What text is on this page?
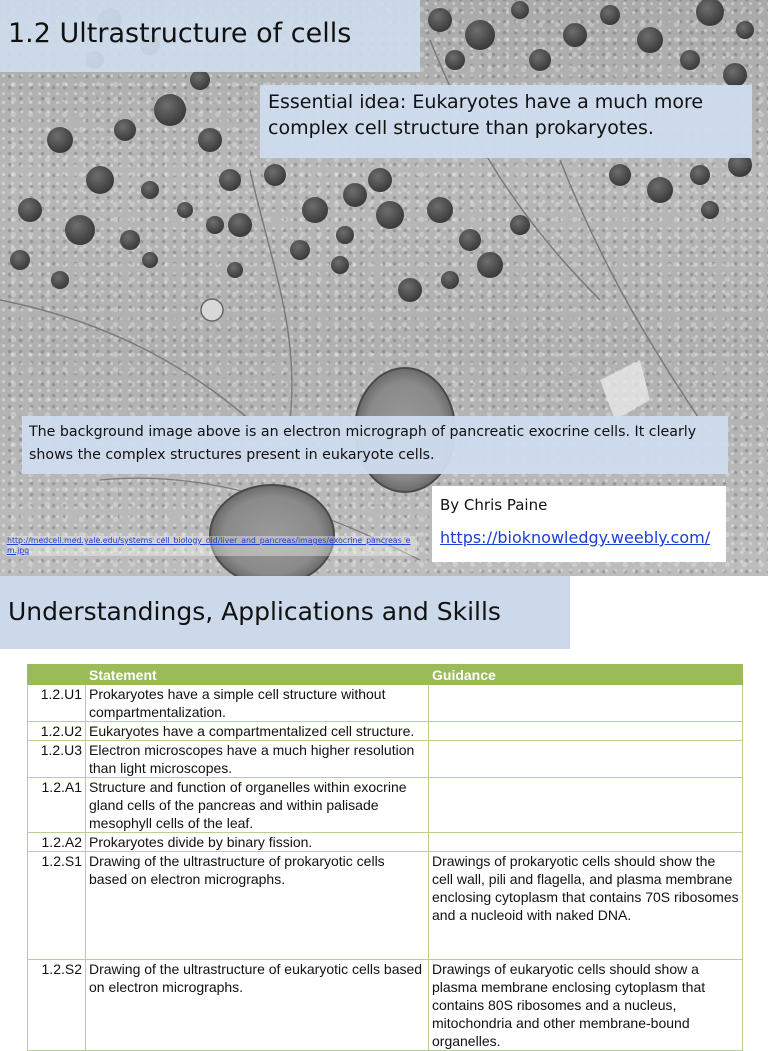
1.2 Ultrastructure of cells
Essential idea: Eukaryotes have a much more complex cell structure than prokaryotes.
The background image above is an electron micrograph of pancreatic exocrine cells. It clearly shows the complex structures present in eukaryote cells.
By Chris Paine
https://bioknowledgy.weebly.com/
http://medcell.med.yale.edu/systems_cell_biology_old/liver_and_pancreas/images/exocrine_pancreas_em.jpg
Understandings, Applications and Skills
	Statement	Guidance
1.2.U1	Prokaryotes have a simple cell structure without compartmentalization.	
1.2.U2	Eukaryotes have a compartmentalized cell structure.	
1.2.U3	Electron microscopes have a much higher resolution than light microscopes.	
1.2.A1	Structure and function of organelles within exocrine gland cells of the pancreas and within palisade mesophyll cells of the leaf.	
1.2.A2	Prokaryotes divide by binary fission.	
1.2.S1	Drawing of the ultrastructure of prokaryotic cells based on electron micrographs.	Drawings of prokaryotic cells should show the cell wall, pili and flagella, and plasma membrane enclosing cytoplasm that contains 70S ribosomes and a nucleoid with naked DNA.
1.2.S2	Drawing of the ultrastructure of eukaryotic cells based on electron micrographs.	Drawings of eukaryotic cells should show a plasma membrane enclosing cytoplasm that contains 80S ribosomes and a nucleus, mitochondria and other membrane-bound organelles.
